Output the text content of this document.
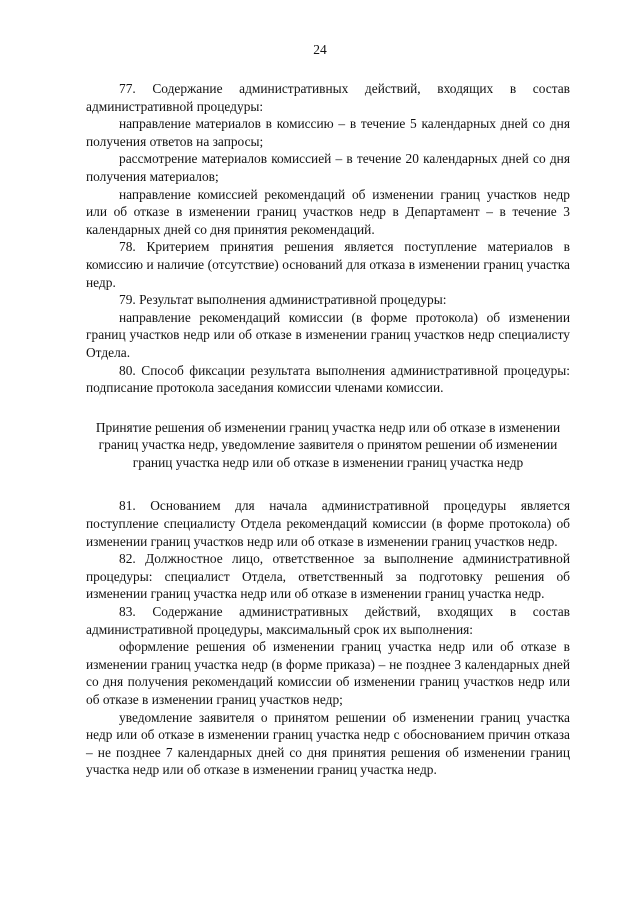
24

77. Содержание административных действий, входящих в состав административной процедуры:

направление материалов в комиссию – в течение 5 календарных дней со дня получения ответов на запросы;

рассмотрение материалов комиссией – в течение 20 календарных дней со дня получения материалов;

направление комиссией рекомендаций об изменении границ участков недр или об отказе в изменении границ участков недр в Департамент – в течение 3 календарных дней со дня принятия рекомендаций.

78. Критерием принятия решения является поступление материалов в комиссию и наличие (отсутствие) оснований для отказа в изменении границ участка недр.

79. Результат выполнения административной процедуры:

направление рекомендаций комиссии (в форме протокола) об изменении границ участков недр или об отказе в изменении границ участков недр специалисту Отдела.

80. Способ фиксации результата выполнения административной процедуры: подписание протокола заседания комиссии членами комиссии.

Принятие решения об изменении границ участка недр или об отказе в изменении границ участка недр, уведомление заявителя о принятом решении об изменении границ участка недр или об отказе в изменении границ участка недр

81. Основанием для начала административной процедуры является поступление специалисту Отдела рекомендаций комиссии (в форме протокола) об изменении границ участков недр или об отказе в изменении границ участков недр.

82. Должностное лицо, ответственное за выполнение административной процедуры: специалист Отдела, ответственный за подготовку решения об изменении границ участка недр или об отказе в изменении границ участка недр.

83. Содержание административных действий, входящих в состав административной процедуры, максимальный срок их выполнения:

оформление решения об изменении границ участка недр или об отказе в изменении границ участка недр (в форме приказа) – не позднее 3 календарных дней со дня получения рекомендаций комиссии об изменении границ участков недр или об отказе в изменении границ участков недр;

уведомление заявителя о принятом решении об изменении границ участка недр или об отказе в изменении границ участка недр с обоснованием причин отказа – не позднее 7 календарных дней со дня принятия решения об изменении границ участка недр или об отказе в изменении границ участка недр.
